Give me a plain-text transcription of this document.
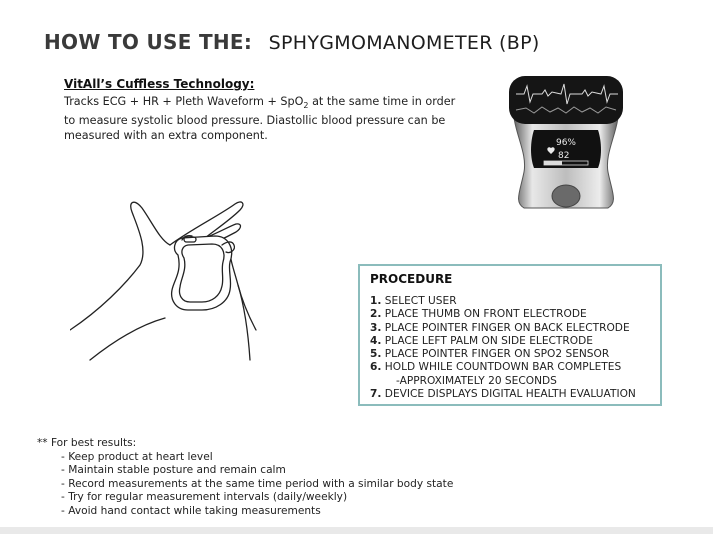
HOW TO USE THE: SPHYGMOMANOMETER (BP)
VitAll’s Cuffless Technology:
Tracks ECG + HR + Pleth Waveform + SpO$_2$ at the same time in order to measure systolic blood pressure. Diastollic blood pressure can be measured with an extra component.
96%
82
PROCEDURE
1. SELECT USER
2. PLACE THUMB ON FRONT ELECTRODE
3. PLACE POINTER FINGER ON BACK ELECTRODE
4. PLACE LEFT PALM ON SIDE ELECTRODE
5. PLACE POINTER FINGER ON SPO2 SENSOR
6. HOLD WHILE COUNTDOWN BAR COMPLETES
-APPROXIMATELY 20 SECONDS
7. DEVICE DISPLAYS DIGITAL HEALTH EVALUATION
** For best results:
- Keep product at heart level
- Maintain stable posture and remain calm
- Record measurements at the same time period with a similar body state
- Try for regular measurement intervals (daily/weekly)
- Avoid hand contact while taking measurements
